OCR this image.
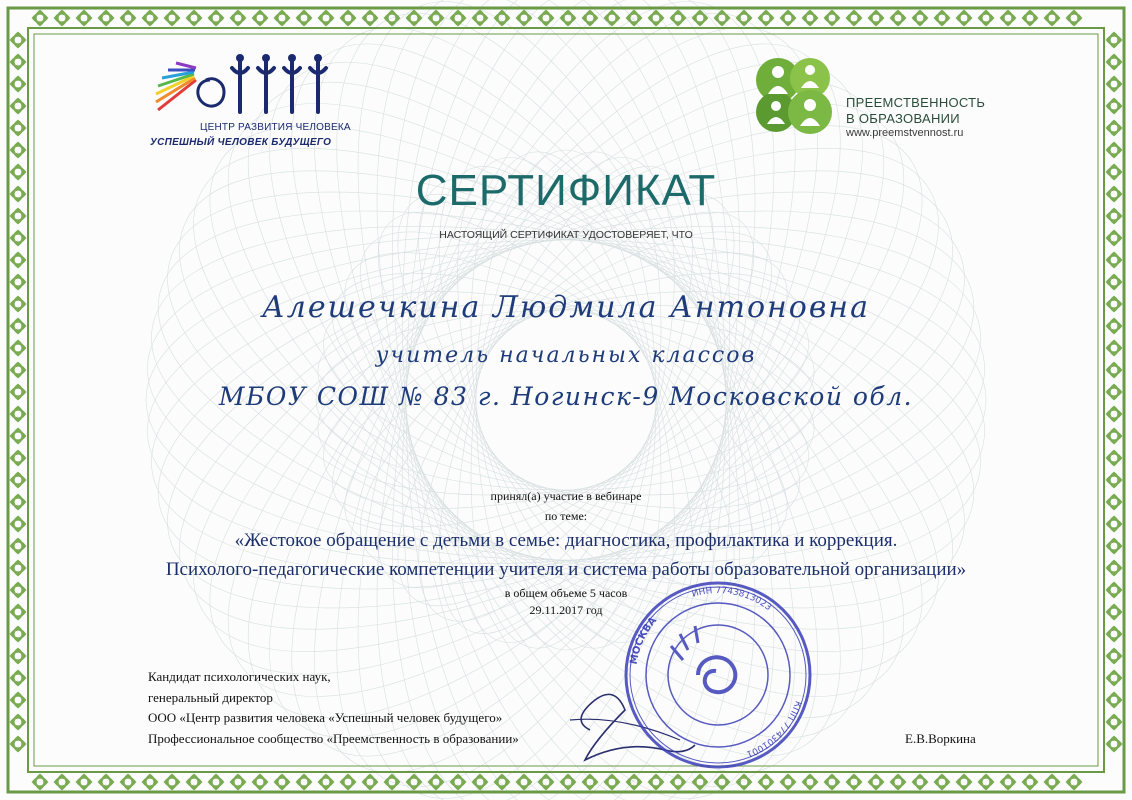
ЦЕНТР РАЗВИТИЯ ЧЕЛОВЕКА
УСПЕШНЫЙ ЧЕЛОВЕК БУДУЩЕГО
ПРЕЕМСТВЕННОСТЬ
В ОБРАЗОВАНИИ
www.preemstvennost.ru
СЕРТИФИКАТ
НАСТОЯЩИЙ СЕРТИФИКАТ УДОСТОВЕРЯЕТ, ЧТО
Алешечкина Людмила Антоновна
учитель начальных классов
МБОУ СОШ № 83 г. Ногинск-9 Московской обл.
принял(а) участие в вебинаре
по теме:
«Жестокое обращение с детьми в семье: диагностика, профилактика и коррекция.
Психолого-педагогические компетенции учителя и система работы образовательной организации»
в общем объеме 5 часов
29.11.2017 год
Кандидат психологических наук,
генеральный директор
ООО «Центр развития человека «Успешный человек будущего»
Профессиональное сообщество «Преемственность в образовании»	Е.В.Воркина
МОСКВА
ИНН 7743813023
КПП 774301001
